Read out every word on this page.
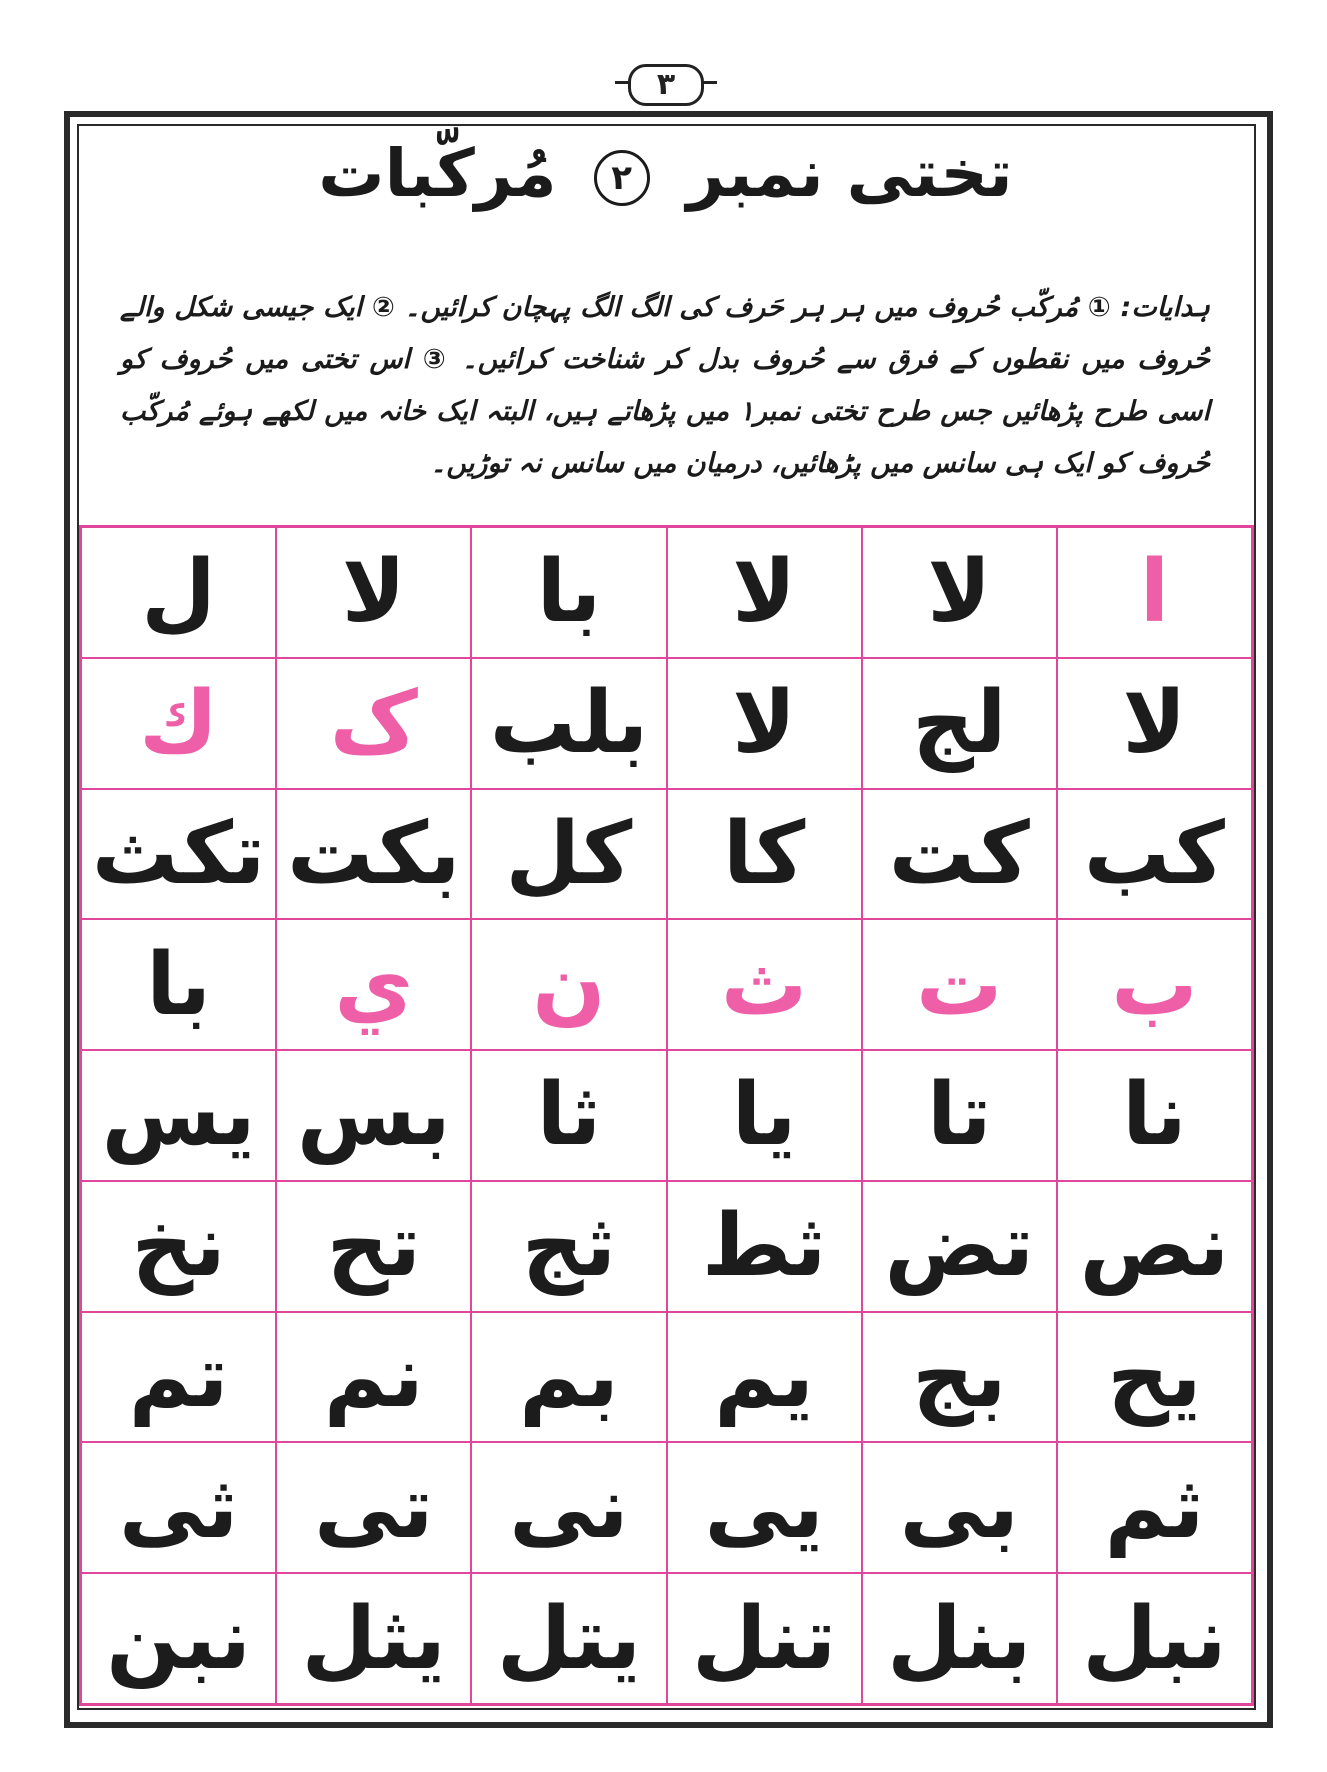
٣
تختی نمبر ٢ مُرکّبات
ہدایات: ① مُرکّب حُروف میں ہر ہر حَرف کی الگ الگ پہچان کرائیں۔ ② ایک جیسی شکل والے حُروف میں نقطوں کے فرق سے حُروف بدل کر شناخت کرائیں۔ ③ اس تختی میں حُروف کو اسی طرح پڑھائیں جس طرح تختی نمبر۱ میں پڑھاتے ہیں، البتہ ایک خانہ میں لکھے ہوئے مُرکّب حُروف کو ایک ہی سانس میں پڑھائیں، درمیان میں سانس نہ توڑیں۔
ا
لا
لا
با
لا
ل
لا
لج
لا
بلب
ک
ك
کب
کت
کا
کل
بکت
تکث
ب
ت
ث
ن
ي
با
نا
تا
يا
ثا
بس
يس
نص
تض
ثط
ثج
تح
نخ
يح
بج
يم
بم
نم
تم
ثم
بى
يى
نى
تى
ثى
نبل
بنل
تنل
يتل
يثل
نبن
